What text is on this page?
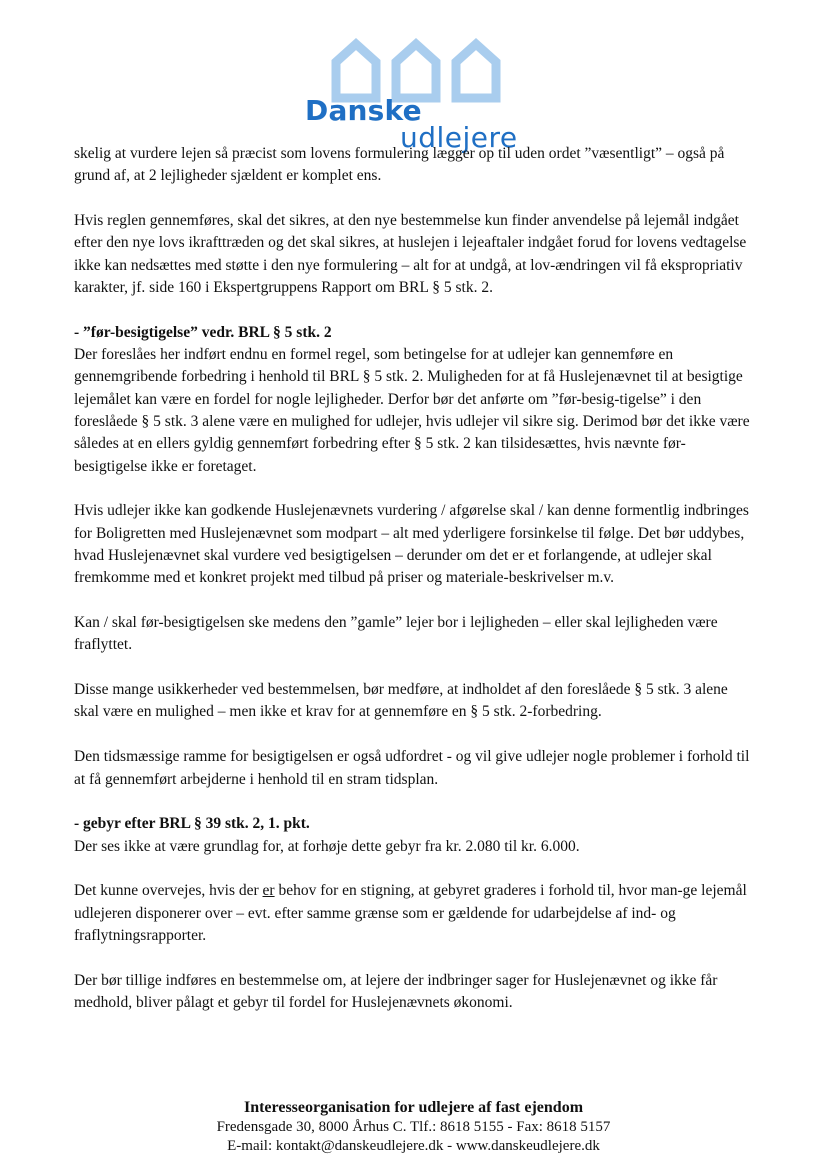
Danske
udlejere

skelig at vurdere lejen så præcist som lovens formulering lægger op til uden ordet ”væsentligt” – også på grund af, at 2 lejligheder sjældent er komplet ens.

Hvis reglen gennemføres, skal det sikres, at den nye bestemmelse kun finder anvendelse på lejemål indgået efter den nye lovs ikrafttræden og det skal sikres, at huslejen i lejeaftaler indgået forud for lovens vedtagelse ikke kan nedsættes med støtte i den nye formulering – alt for at undgå, at lov-ændringen vil få ekspropriativ karakter, jf. side 160 i Ekspertgruppens Rapport om BRL § 5 stk. 2.

- ”før-besigtigelse” vedr. BRL § 5 stk. 2

Der foreslåes her indført endnu en formel regel, som betingelse for at udlejer kan gennemføre en gennemgribende forbedring i henhold til BRL § 5 stk. 2. Muligheden for at få Huslejenævnet til at besigtige lejemålet kan være en fordel for nogle lejligheder. Derfor bør det anførte om ”før-besig-tigelse” i den foreslåede § 5 stk. 3 alene være en mulighed for udlejer, hvis udlejer vil sikre sig. Derimod bør det ikke være således at en ellers gyldig gennemført forbedring efter § 5 stk. 2 kan tilsidesættes, hvis nævnte før-besigtigelse ikke er foretaget.

Hvis udlejer ikke kan godkende Huslejenævnets vurdering / afgørelse skal / kan denne formentlig indbringes for Boligretten med Huslejenævnet som modpart – alt med yderligere forsinkelse til følge. Det bør uddybes, hvad Huslejenævnet skal vurdere ved besigtigelsen – derunder om det er et forlangende, at udlejer skal fremkomme med et konkret projekt med tilbud på priser og materiale-beskrivelser m.v.

Kan / skal før-besigtigelsen ske medens den ”gamle” lejer bor i lejligheden – eller skal lejligheden være fraflyttet.

Disse mange usikkerheder ved bestemmelsen, bør medføre, at indholdet af den foreslåede § 5 stk. 3 alene skal være en mulighed – men ikke et krav for at gennemføre en § 5 stk. 2-forbedring.

Den tidsmæssige ramme for besigtigelsen er også udfordret - og vil give udlejer nogle problemer i forhold til at få gennemført arbejderne i henhold til en stram tidsplan.

- gebyr efter BRL § 39 stk. 2, 1. pkt.

Der ses ikke at være grundlag for, at forhøje dette gebyr fra kr. 2.080 til kr. 6.000.

Det kunne overvejes, hvis der er behov for en stigning, at gebyret graderes i forhold til, hvor man-ge lejemål udlejeren disponerer over – evt. efter samme grænse som er gældende for udarbejdelse af ind- og fraflytningsrapporter.

Der bør tillige indføres en bestemmelse om, at lejere der indbringer sager for Huslejenævnet og ikke får medhold, bliver pålagt et gebyr til fordel for Huslejenævnets økonomi.

Interesseorganisation for udlejere af fast ejendom
Fredensgade 30, 8000 Århus C. Tlf.: 8618 5155 - Fax: 8618 5157
E-mail: kontakt@danskeudlejere.dk - www.danskeudlejere.dk
